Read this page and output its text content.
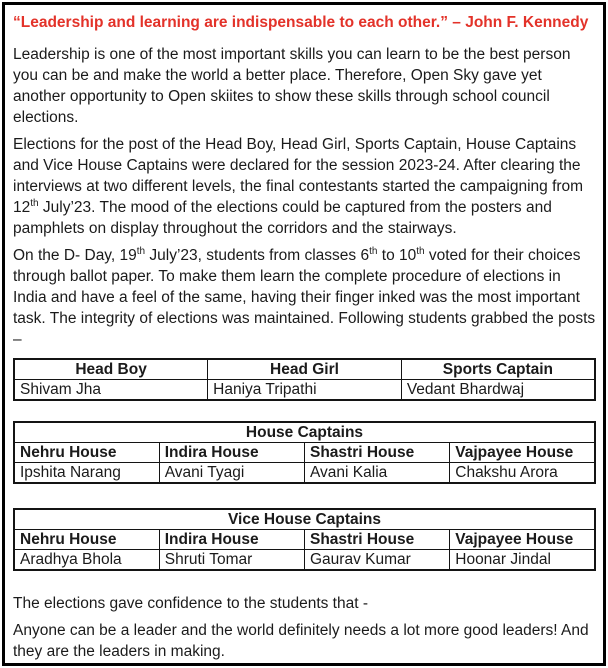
“Leadership and learning are indispensable to each other.” – John F. Kennedy

Leadership is one of the most important skills you can learn to be the best person you can be and make the world a better place. Therefore, Open Sky gave yet another opportunity to Open skiites to show these skills through school council elections.

Elections for the post of the Head Boy, Head Girl, Sports Captain, House Captains and Vice House Captains were declared for the session 2023-24. After clearing the interviews at two different levels, the final contestants started the campaigning from 12th July’23. The mood of the elections could be captured from the posters and pamphlets on display throughout the corridors and the stairways.

On the D- Day, 19th July’23, students from classes 6th to 10th voted for their choices through ballot paper. To make them learn the complete procedure of elections in India and have a feel of the same, having their finger inked was the most important task. The integrity of elections was maintained. Following students grabbed the posts –

Head Boy	Head Girl	Sports Captain
Shivam Jha	Haniya Tripathi	Vedant Bhardwaj
House Captains			
Nehru House	Indira House	Shastri House	Vajpayee House
Ipshita Narang	Avani Tyagi	Avani Kalia	Chakshu Arora
Vice House Captains			
Nehru House	Indira House	Shastri House	Vajpayee House
Aradhya Bhola	Shruti Tomar	Gaurav Kumar	Hoonar Jindal

The elections gave confidence to the students that -

Anyone can be a leader and the world definitely needs a lot more good leaders! And they are the leaders in making.
